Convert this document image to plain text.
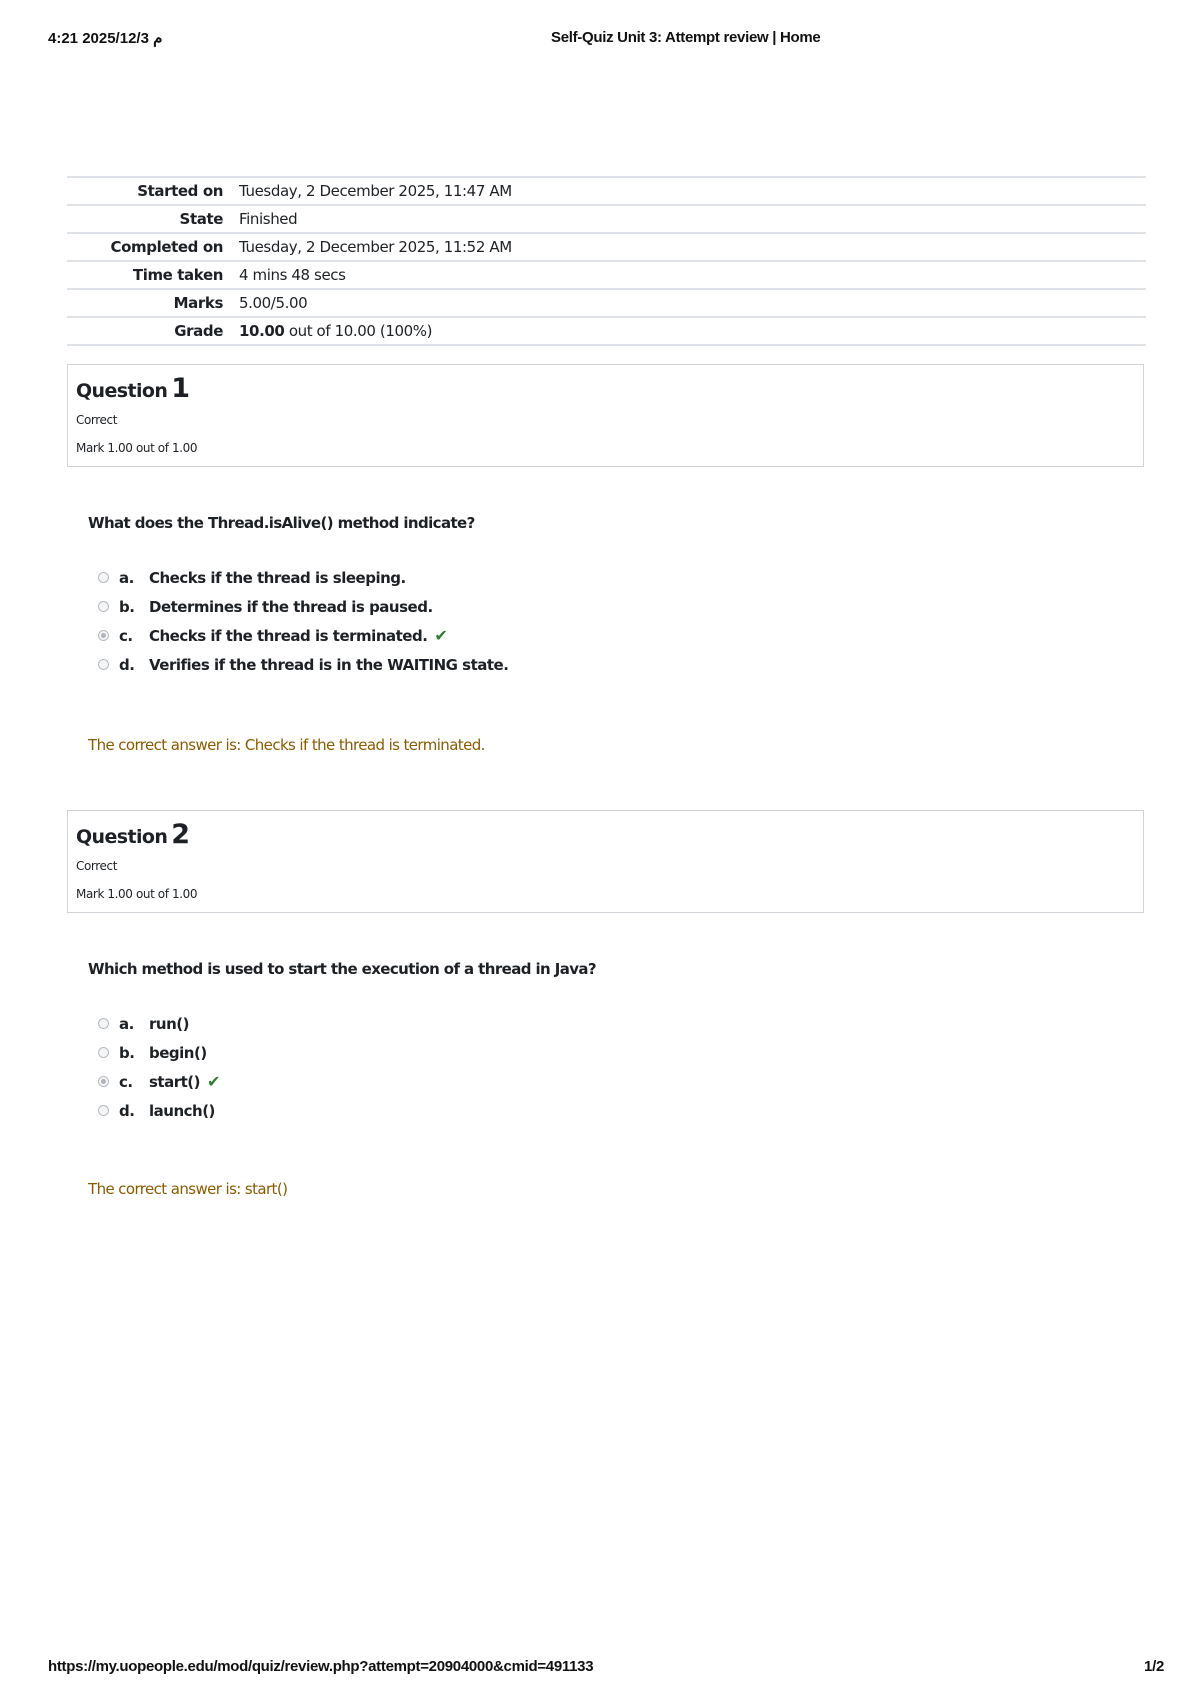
4:21 2025/12/3 م	Self-Quiz Unit 3: Attempt review | Home
Started on	Tuesday, 2 December 2025, 11:47 AM
State	Finished
Completed on	Tuesday, 2 December 2025, 11:52 AM
Time taken	4 mins 48 secs
Marks	5.00/5.00
Grade	10.00 out of 10.00 (100%)
Question 1
Correct
Mark 1.00 out of 1.00
What does the Thread.isAlive() method indicate?
a.	Checks if the thread is sleeping.
b. Determines if the thread is paused.
c.	Checks if the thread is terminated. ✔
d. Verifies if the thread is in the WAITING state.
The correct answer is: Checks if the thread is terminated.
Question 2
Correct
Mark 1.00 out of 1.00
Which method is used to start the execution of a thread in Java?
a.	run()
b. begin()
c.	start() ✔
d. launch()
The correct answer is: start()
https://my.uopeople.edu/mod/quiz/review.php?attempt=20904000&cmid=491133	1/2
